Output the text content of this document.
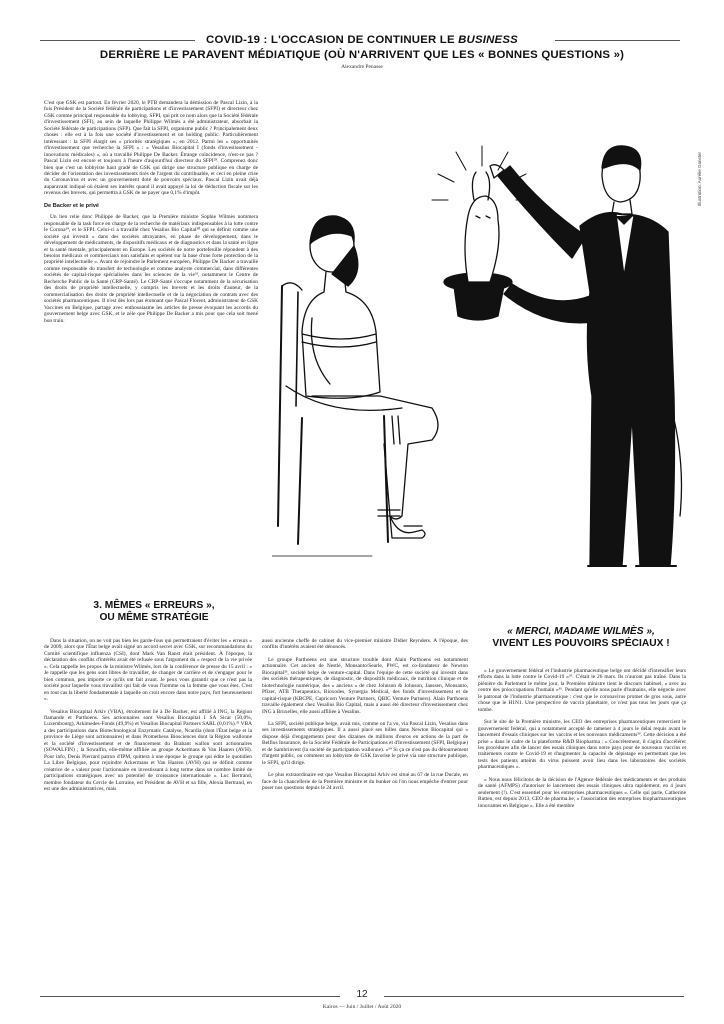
COVID-19 : L'OCCASION DE CONTINUER LE BUSINESS
DERRIÈRE LE PARAVENT MÉDIATIQUE (OÙ N'ARRIVENT QUE LES « BONNES QUESTIONS »)
Alexandre Penasse

C'est que GSK est partout. En février 2020, le PTB demandera la démission de Pascal Lizin, à la fois Président de la Société fédérale de participations et d'investissement (SFPI) et directeur chez GSK comme principal responsable du lobbying. SFPI, qui prit ce nom alors que la Société fédérale d'investissement (SFI), au sein de laquelle Philippe Wilmès a été administrateur, absorbait la Société fédérale de participations (SFP). Que fait la SFPI, organisme public ? Principalement deux choses : elle est à la fois une société d'investissement et un holding public. Particulièrement intéressant : la SFPI élargit ses « priorités stratégiques », en 2012. Parmi les « opportunités d'investissement que recherche la SFPI » : « Vesalius Biocapital I (fonds d'investissement - innovations médicales) », où a travaillé Philippe De Backer. Étrange coïncidence, n'est-ce pas ? Pascal Lizin est encore et toujours à l'heure d'aujourd'hui directeur du SFPI²⁸. Comprenez donc bien que c'est un lobbyiste haut gradé de GSK qui dirige une structure publique en charge de décider de l'orientation des investissements tirés de l'argent du contribuable, et ceci en pleine crise du Coronavirus et avec un gouvernement doté de pouvoirs spéciaux. Pascal Lizin avait déjà auparavant indiqué où étaient ses intérêts quand il avait appuyé la loi de déduction fiscale sur les revenus des brevets, qui permettra à GSK de ne payer que 0,1% d'impôt.

De Backer et le privé

Un lien relie donc Philippe de Backer, que la Première ministre Sophie Wilmès nommera responsable de la task force en charge de la recherche de matériaux indispensables à la lutte contre le Corona²⁹, et le SFPI. Celui-ci a travaillé chez Vesalius Bio Capital³⁰ qui se définit comme une société qui investit « dans des sociétés attrayantes, en phase de développement, dans le développement de médicaments, de dispositifs médicaux et de diagnostics et dans la santé en ligne et la santé mentale, principalement en Europe. Les sociétés de notre portefeuille répondent à des besoins médicaux et commerciaux non satisfaits et opèrent sur la base d'une forte protection de la propriété intellectuelle ». Avant de rejoindre le Parlement européen, Philippe De Backer a travaillé comme responsable du transfert de technologie et comme analyste commercial, dans différentes sociétés de capital-risque spécialisées dans les sciences de la vie³¹, notamment le Centre de Recherche Public de la Santé (CRP-Santé). Le CRP-Santé s'occupe notamment de la sécurisation des droits de propriété intellectuelle, y compris les brevets et les droits d'auteur, de la commercialisation des droits de propriété intellectuelle et de la négociation de contrats avec des sociétés pharmaceutiques. Il n'est dès lors pas étonnant que Pascal Florent, administrateur de GSK Vaccines en Belgique, partage avec enthousiasme les articles de presse évoquant les accords du gouvernement belge avec GSK, et le zèle que Philippe De Backer a mis pour que cela soit mené bon train.

Illustration: Aurélie Ganster
3. MÊMES « ERREURS »,
OU MÊME STRATÉGIE

Dans la situation, on ne voit pas bien les garde-fous qui permettraient d'éviter les « erreurs » de 2009, alors que l'État belge avait signé un accord secret avec GSK, sur recommandations du Comité scientifique influenza (CSI), dont Mark Van Ranst était président. À l'époque, la déclaration des conflits d'intérêts avait été refusée sous l'argument du « respect de la vie privée ». Cela rappelle les propos de la ministre Wilmès, lors de la conférence de presse du 15 avril : « Je rappelle que les gens sont libres de travailler, de changer de carrière et de s'engager pour le bien commun, peu importe ce qu'ils ont fait avant. Je peux vous garantir que ce n'est pas la société pour laquelle vous travaillez qui fait de vous l'homme ou la femme que vous êtes. C'est en tout cas la liberté fondamentale à laquelle on croit encore dans notre pays, fort heureusement ».

Vesalius Biocapital Arkiv (VBA), étroitement lié à De Backer, est affilié à ING, la Région flamande et Parthoens. Ses actionnaires sont Vesalius Biocapital I SA Sicar (50,0%, Luxembourg), Arkimedes-Fonds (49,9%) et Vesalius Biocapital Partners SARL (0,01%).³² VBA a des participations dans Biotechnological Enzymatic Catalyse, Ncardia (dont l'État belge et la province de Liège sont actionnaires) et dans Prometheus Biosciences dont la Région wallonne et la société d'investissement et de financement du Brabant wallon sont actionnaires (SOWALFIN) ; la Sowalfin, elle-même affiliée au groupe Ackermans & Van Haaren (AVH). Pour info, Denis Pierrard patron d'IPM, quittera à une époque le groupe qui édite le quotidien La Libre Belgique, pour rejoindre Ackermans et Van Haaren (AVH) qui se définit comme créatrice de « valeur pour l'actionnaire en investissant à long terme dans un nombre limité de participations stratégiques avec un potentiel de croissance internationale ». Luc Bertrand, membre fondateur du Cercle de Lorraine, est Président de AVH et sa fille, Alexia Bertrand, en est une des administratrices, mais

aussi ancienne cheffe de cabinet du vice-premier ministre Didier Reynders. À l'époque, des conflits d'intérêts avaient été dénoncés.

Le groupe Parthoens est une structure trouble dont Alain Parthoens est notamment actionnaire. Cet ancien de Nestlé, Monsanto/Searle, PWC, est co-fondateur de Newton Biocapital³³, société belge de venture-capital. Dans l'équipe de cette société qui investit dans des sociétés thérapeutiques, de diagnostic, de dispositifs médicaux, de nutrition clinique et de biotechnologie numérique, des « anciens » de chez Johnson & Johnson, Janssen, Monsanto, Pfizer, ATB Therapeutics, Bioxodes, Synergia Medical, des fonds d'investissement et de capital-risque (KBCPE, Capricorn Venture Partners, QBIC Venture Partners). Alain Parthoens travaille également chez Vesalius Bio Capital, mais a aussi été directeur d'investissement chez ING à Bruxelles, elle aussi affiliée à Vesalius.

La SFPI, société publique belge, avait mis, comme on l'a vu, via Pascal Lizin, Vesalius dans ses investissements stratégiques. Il a aussi placé ses billes dans Newton Biocapital qui « dispose déjà d'engagements pour des dizaines de millions d'euros en actions de la part de Belfius Insurance, de la Société Fédérale de Participations et d'Investissement (SFPI, Belgique) et de Sambrinvest (la société de participation wallonne). »³⁴ Si ça ce n'est pas du détournement d'argent public, ou comment un lobbyiste de GSK favorise le privé via une structure publique, le SFPI, qu'il dirige.

Le plus extraordinaire est que Vesalius Biocapital Arkiv est situé au 67 de la rue Ducale, en face de la chancellerie de la Première ministre et du bunker où l'on nous empêche d'entrer pour poser nos questions depuis le 24 avril.

« MERCI, MADAME WILMÈS »,
VIVENT LES POUVOIRS SPÉCIAUX !

« Le gouvernement fédéral et l'industrie pharmaceutique belge ont décidé d'intensifier leurs efforts dans la lutte contre le Covid-19 »³⁵. C'était le 26 mars. Ils n'auront pas traîné. Dans la plénière du Parlement le même jour, la Première ministre tient le discours habituel, « avec au centre des préoccupations l'humain »³⁶. Pendant qu'elle nous parle d'humains, elle négocie avec le patronat de l'industrie pharmaceutique : c'est que le coronavirus promet de gros sous, autre chose que le H1N1. Une perspective de vaccin planétaire, ce n'est pas tous les jours que ça tombe.

Sur le site de la Première ministre, les CEO des entreprises pharmaceutiques remercient le gouvernement fédéral, qui a notamment accepté de ramener à 4 jours le délai requis avant le lancement d'essais cliniques sur les vaccins et les nouveaux médicaments³⁶. Cette décision a été prise « dans le cadre de la plateforme R&D Biopharma : « Concrètement, il s'agira d'accélérer les procédures afin de lancer des essais cliniques dans notre pays pour de nouveaux vaccins et traitements contre le Covid-19 et d'augmenter la capacité de dépistage en permettant que les tests des patients atteints du virus puissent avoir lieu dans les laboratoires des sociétés pharmaceutiques ».

« Nous nous félicitons de la décision de l'Agence fédérale des médicaments et des produits de santé (AFMPS) d'autoriser le lancement des essais cliniques ultra rapidement, en 4 jours seulement (!). C'est essentiel pour les entreprises pharmaceutiques ». Celle qui parle, Catherine Rutten, est depuis 2013, CEO de pharma.be, « l'association des entreprises biopharmaceutiques innovantes en Belgique ». Elle a été membre

12
Kairos — Juin / Juillet / Août 2020
